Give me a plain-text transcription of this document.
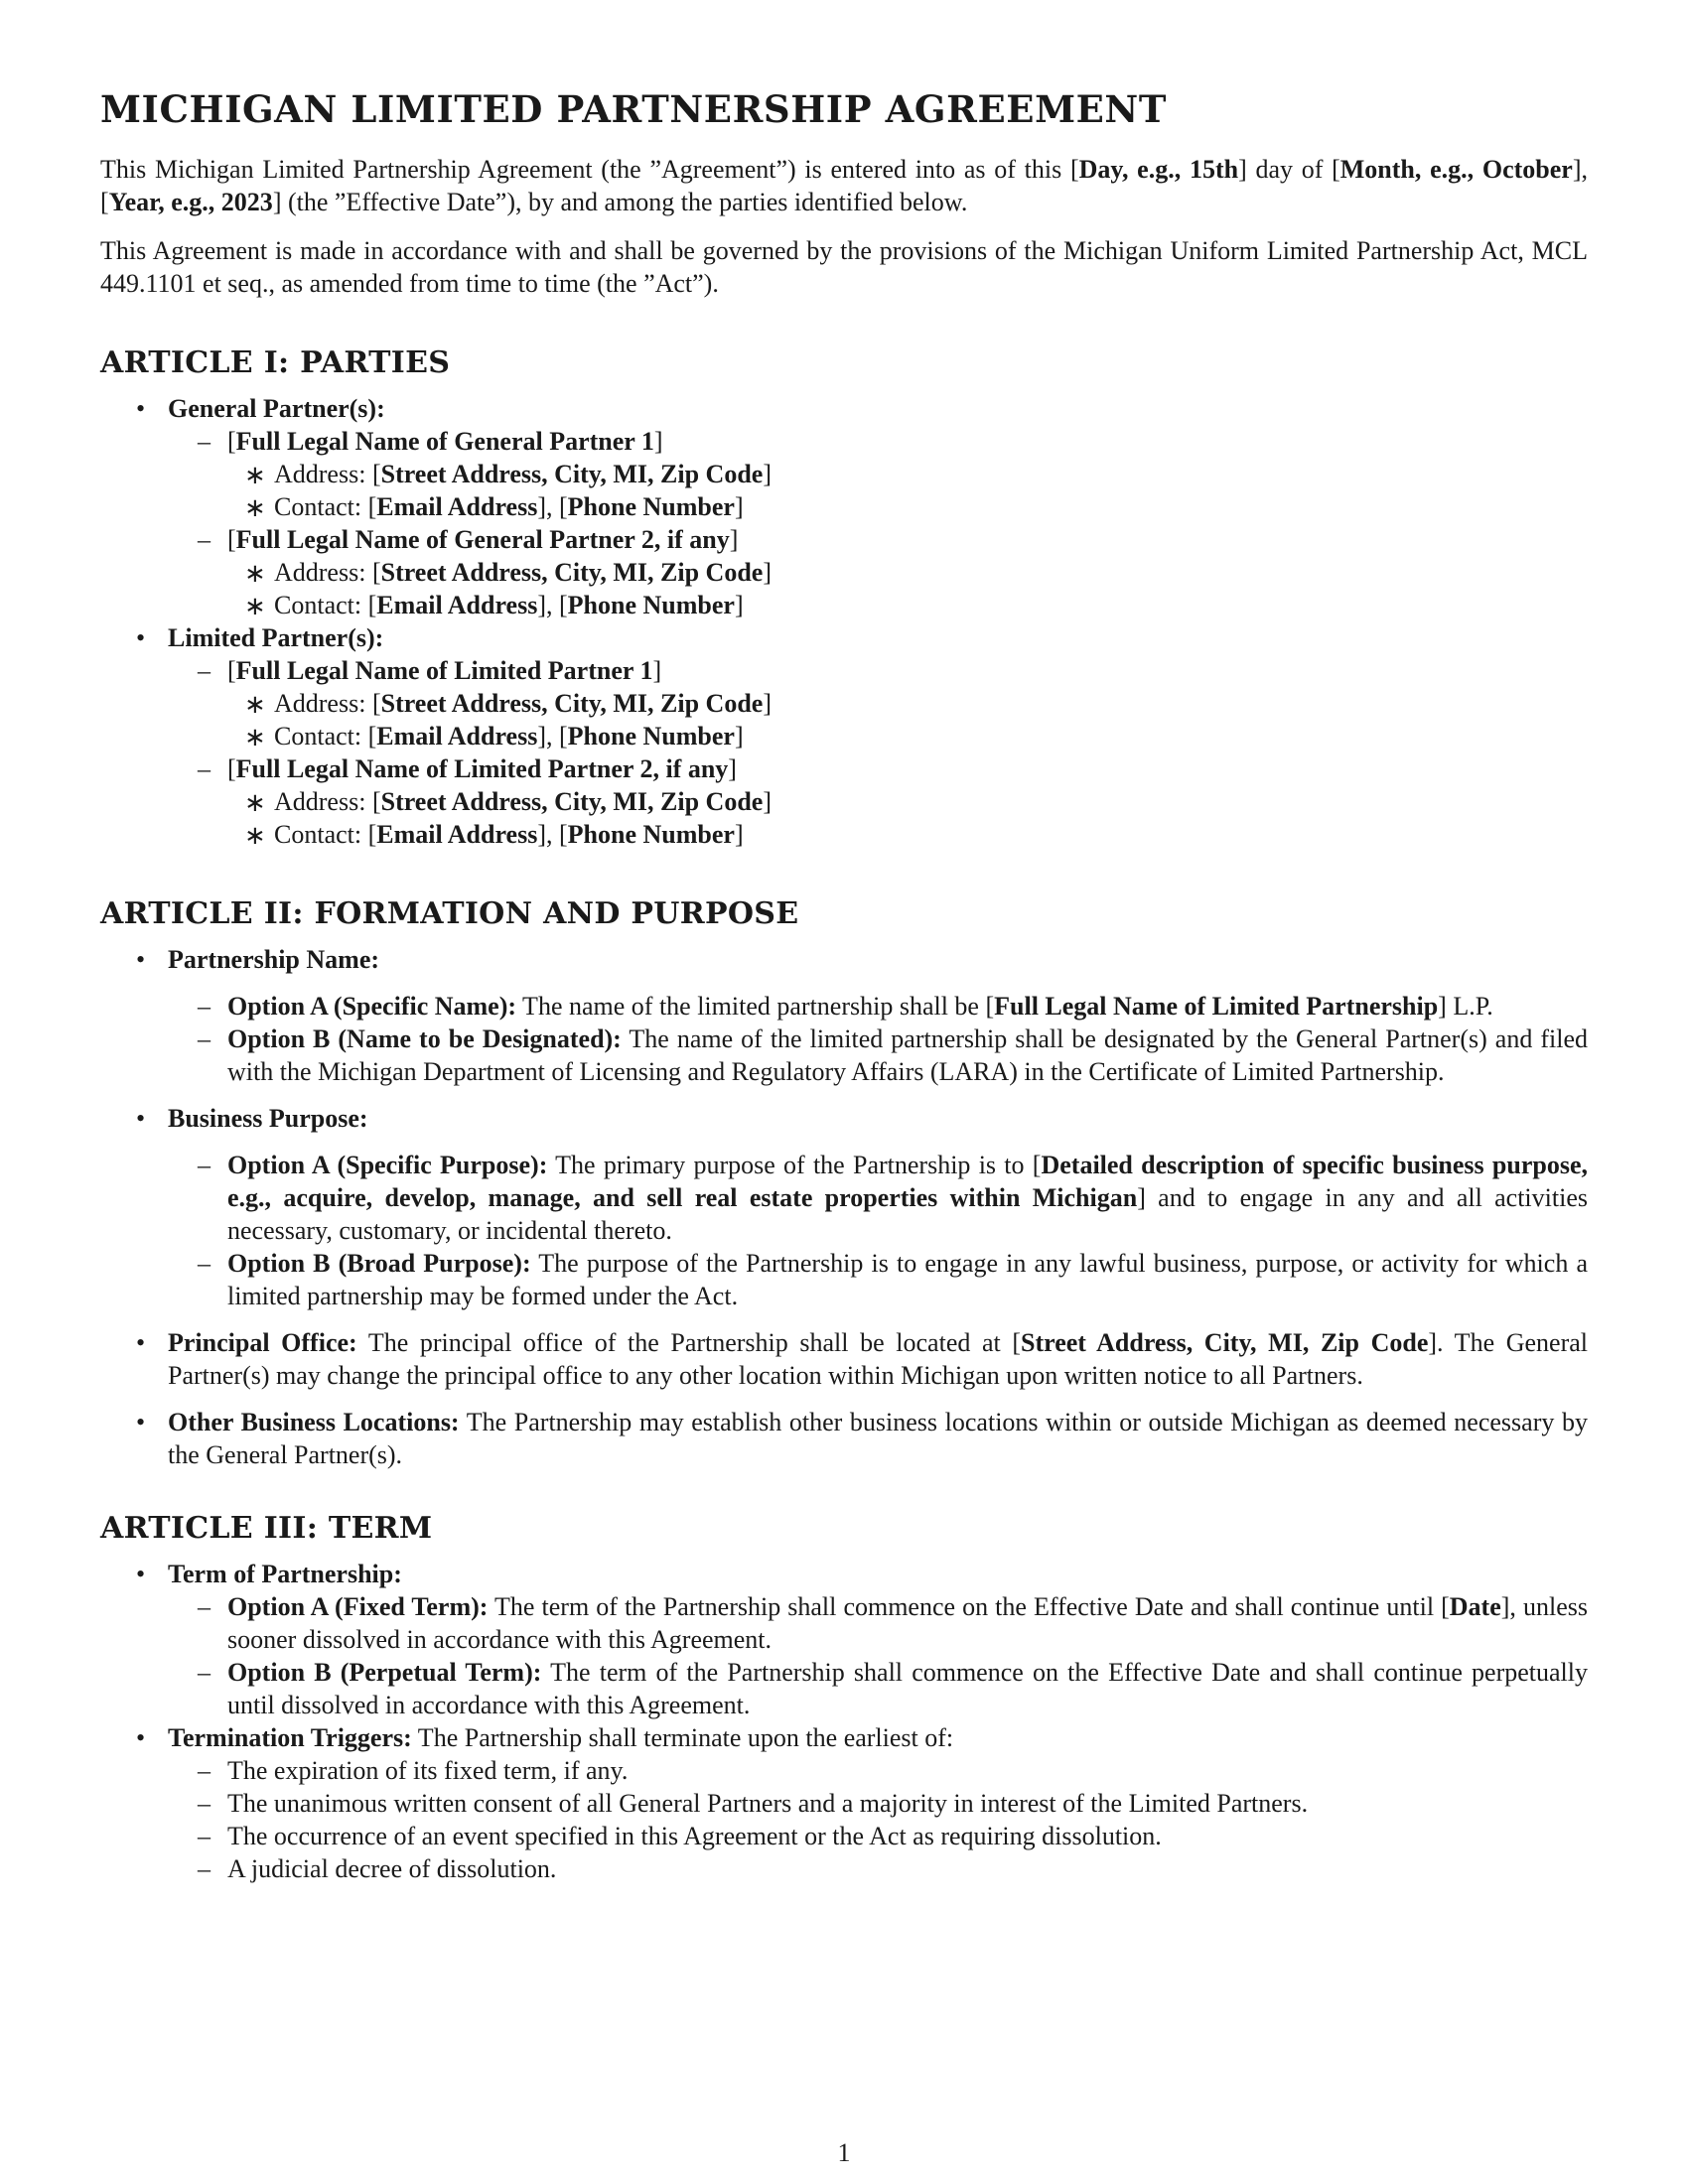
MICHIGAN LIMITED PARTNERSHIP AGREEMENT

This Michigan Limited Partnership Agreement (the ”Agreement”) is entered into as of this [Day, e.g., 15th] day of [Month, e.g., October], [Year, e.g., 2023] (the ”Effective Date”), by and among the parties identified below.

This Agreement is made in accordance with and shall be governed by the provisions of the Michigan Uniform Limited Partnership Act, MCL 449.1101 et seq., as amended from time to time (the ”Act”).

ARTICLE I: PARTIES
• General Partner(s):
– [Full Legal Name of General Partner 1]
∗ Address: [Street Address, City, MI, Zip Code]
∗ Contact: [Email Address], [Phone Number]
– [Full Legal Name of General Partner 2, if any]
∗ Address: [Street Address, City, MI, Zip Code]
∗ Contact: [Email Address], [Phone Number]
• Limited Partner(s):
– [Full Legal Name of Limited Partner 1]
∗ Address: [Street Address, City, MI, Zip Code]
∗ Contact: [Email Address], [Phone Number]
– [Full Legal Name of Limited Partner 2, if any]
∗ Address: [Street Address, City, MI, Zip Code]
∗ Contact: [Email Address], [Phone Number]
ARTICLE II: FORMATION AND PURPOSE
• Partnership Name:
– Option A (Specific Name): The name of the limited partnership shall be [Full Legal Name of Limited Partnership] L.P.
– Option B (Name to be Designated): The name of the limited partnership shall be designated by the General Partner(s) and filed with the Michigan Department of Licensing and Regulatory Affairs (LARA) in the Certificate of Limited Partnership.
• Business Purpose:
– Option A (Specific Purpose): The primary purpose of the Partnership is to [Detailed description of specific business purpose, e.g., acquire, develop, manage, and sell real estate properties within Michigan] and to engage in any and all activities necessary, customary, or incidental thereto.
– Option B (Broad Purpose): The purpose of the Partnership is to engage in any lawful business, purpose, or activity for which a limited partnership may be formed under the Act.
• Principal Office: The principal office of the Partnership shall be located at [Street Address, City, MI, Zip Code]. The General Partner(s) may change the principal office to any other location within Michigan upon written notice to all Partners.
• Other Business Locations: The Partnership may establish other business locations within or outside Michigan as deemed necessary by the General Partner(s).
ARTICLE III: TERM
• Term of Partnership:
– Option A (Fixed Term): The term of the Partnership shall commence on the Effective Date and shall continue until [Date], unless sooner dissolved in accordance with this Agreement.
– Option B (Perpetual Term): The term of the Partnership shall commence on the Effective Date and shall continue perpetually until dissolved in accordance with this Agreement.
• Termination Triggers: The Partnership shall terminate upon the earliest of:
– The expiration of its fixed term, if any.
– The unanimous written consent of all General Partners and a majority in interest of the Limited Partners.
– The occurrence of an event specified in this Agreement or the Act as requiring dissolution.
– A judicial decree of dissolution.
1
